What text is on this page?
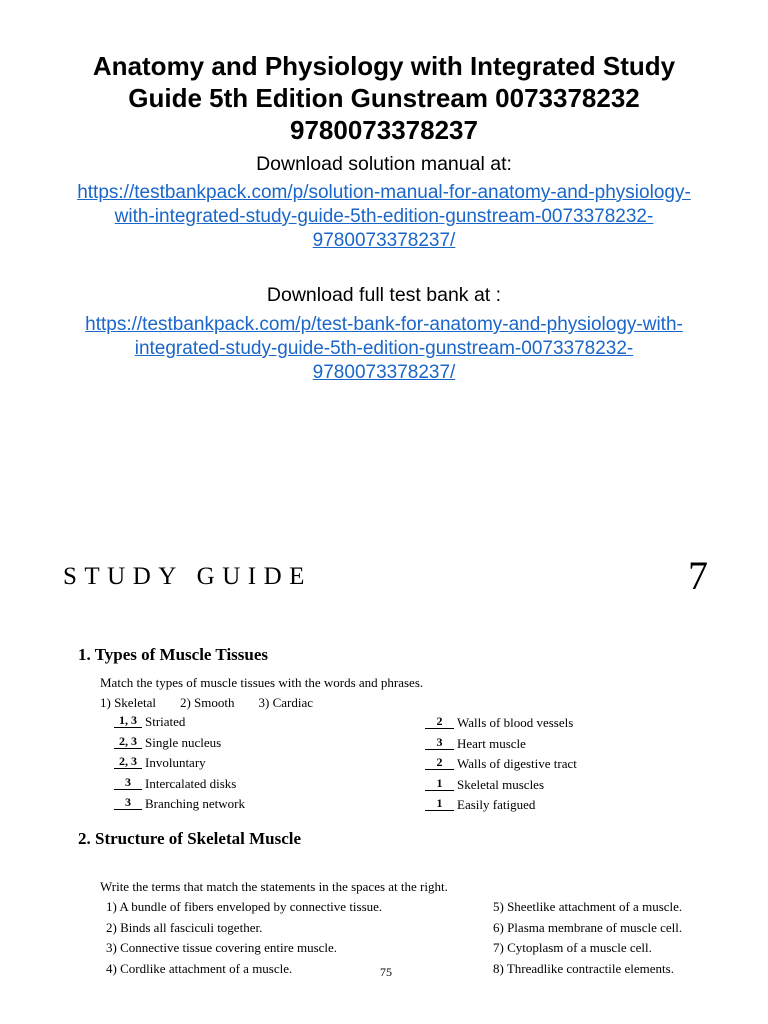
Anatomy and Physiology with Integrated Study
Guide 5th Edition Gunstream 0073378232
9780073378237

Download solution manual at:

https://testbankpack.com/p/solution-manual-for-anatomy-and-physiology-
with-integrated-study-guide-5th-edition-gunstream-0073378232-
9780073378237/

Download full test bank at :

https://testbankpack.com/p/test-bank-for-anatomy-and-physiology-with-
integrated-study-guide-5th-edition-gunstream-0073378232-
9780073378237/
STUDY GUIDE	7
1. Types of Muscle Tissues
Match the types of muscle tissues with the words and phrases.
1) Skeletal 2) Smooth 3) Cardiac
1, 3 Striated
2, 3 Single nucleus
2, 3 Involuntary
3 Intercalated disks
3 Branching network
2 Walls of blood vessels
3 Heart muscle
2 Walls of digestive tract
1 Skeletal muscles
1 Easily fatigued
2. Structure of Skeletal Muscle
Write the terms that match the statements in the spaces at the right.
1) A bundle of fibers enveloped by connective tissue.
2) Binds all fasciculi together.
3) Connective tissue covering entire muscle.
4) Cordlike attachment of a muscle.
5) Sheetlike attachment of a muscle.
6) Plasma membrane of muscle cell.
7) Cytoplasm of a muscle cell.
8) Threadlike contractile elements.
75
